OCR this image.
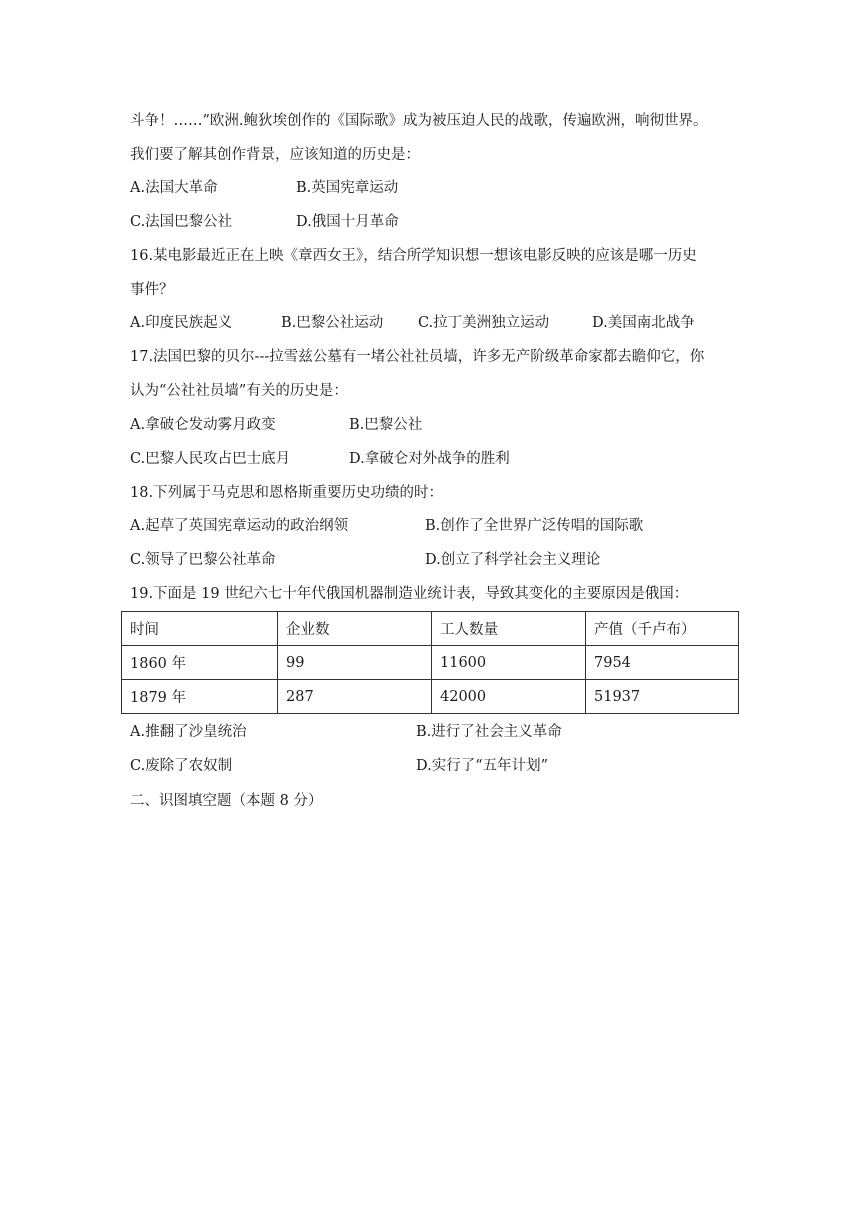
斗争！……”欧洲.鲍狄埃创作的《国际歌》成为被压迫人民的战歌，传遍欧洲，响彻世界。
我们要了解其创作背景，应该知道的历史是：
A.法国大革命	B.英国宪章运动
C.法国巴黎公社	D.俄国十月革命
16.某电影最近正在上映《章西女王》，结合所学知识想一想该电影反映的应该是哪一历史
事件？
A.印度民族起义	B.巴黎公社运动 C.拉丁美洲独立运动	D.美国南北战争
17.法国巴黎的贝尔---拉雪兹公墓有一堵公社社员墙，许多无产阶级革命家都去瞻仰它，你
认为“公社社员墙”有关的历史是：
A.拿破仑发动雾月政变	B.巴黎公社
C.巴黎人民攻占巴士底月	D.拿破仑对外战争的胜利
18.下列属于马克思和恩格斯重要历史功绩的时：
A.起草了英国宪章运动的政治纲领	B.创作了全世界广泛传唱的国际歌
C.领导了巴黎公社革命	D.创立了科学社会主义理论
19.下面是 19 世纪六七十年代俄国机器制造业统计表，导致其变化的主要原因是俄国：
时间	企业数	工人数量	产值（千卢布）
1860 年	99	11600	7954
1879 年	287	42000	51937
A.推翻了沙皇统治	B.进行了社会主义革命
C.废除了农奴制	D.实行了“五年计划”
二、识图填空题（本题 8 分）
